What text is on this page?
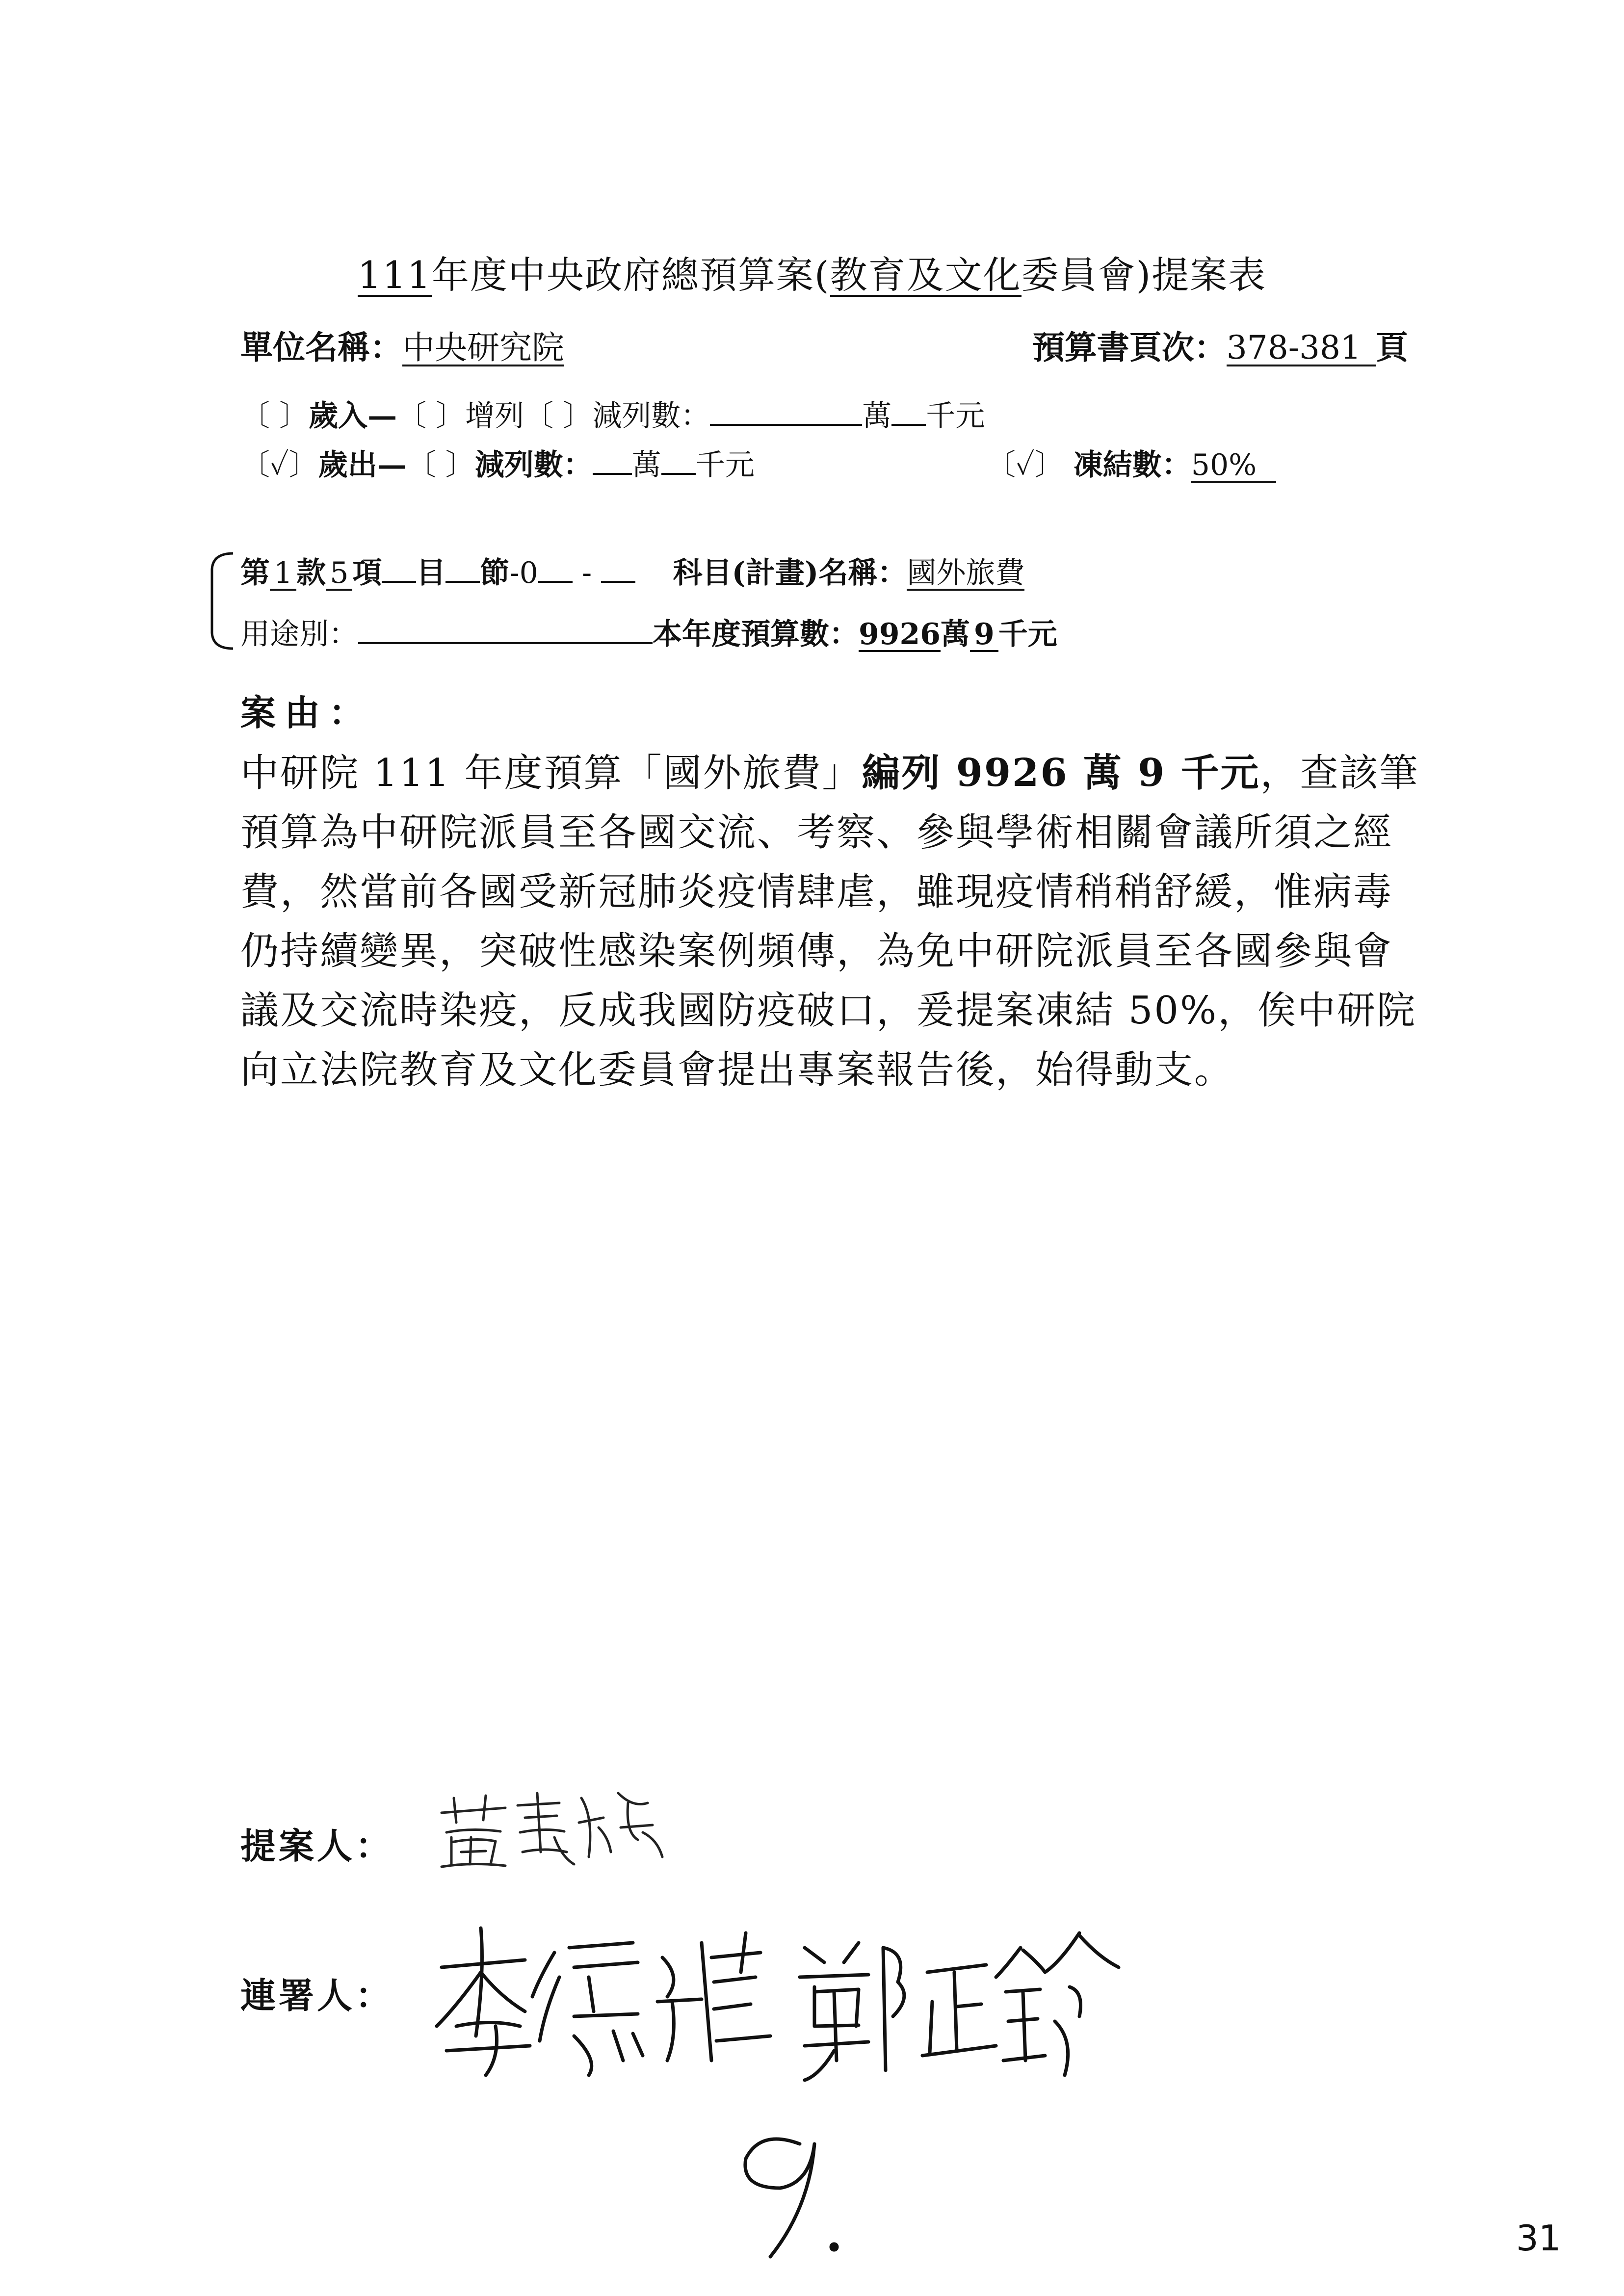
111年度中央政府總預算案(教育及文化委員會)提案表
單位名稱：中央研究院	預算書頁次：378-381 頁
〔 〕歲入—〔 〕增列〔 〕減列數：	萬 千元
〔✓〕歲出—〔 〕減列數： 萬 千元	〔✓〕 凍結數：50%
第 1 款 5 項 目 節-0 -	科目(計畫)名稱：國外旅費
用途別：	本年度預算數：9926萬 9 千元
案由：
中研院 111 年度預算「國外旅費」編列 9926 萬 9 千元，查該筆預算為中研院派員至各國交流、考察、參與學術相關會議所須之經費，然當前各國受新冠肺炎疫情肆虐，雖現疫情稍稍舒緩，惟病毒仍持續變異，突破性感染案例頻傳，為免中研院派員至各國參與會議及交流時染疫，反成我國防疫破口，爰提案凍結 50%，俟中研院向立法院教育及文化委員會提出專案報告後，始得動支。
提案人：
連署人：
31
